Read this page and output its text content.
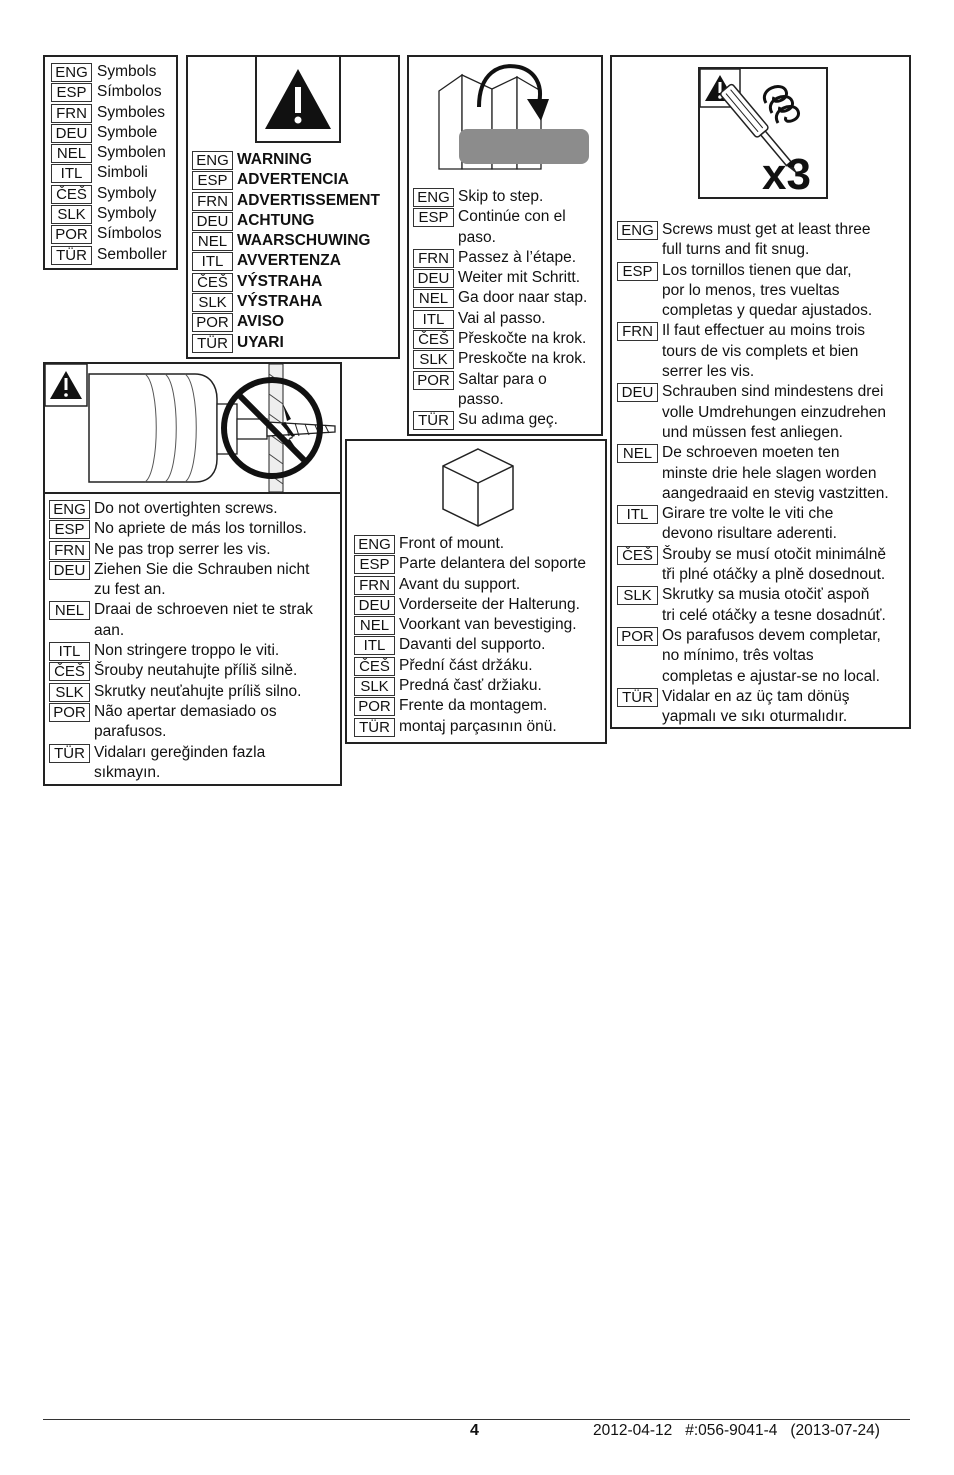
ENG Symbols
ESP Símbolos
FRN Symboles
DEU Symbole
NEL Symbolen
ITL Simboli
ČEŠ Symboly
SLK Symboly
POR Símbolos
TÜR Semboller
ENG WARNING
ESP ADVERTENCIA
FRN ADVERTISSEMENT
DEU ACHTUNG
NEL WAARSCHUWING
ITL AVVERTENZA
ČEŠ VÝSTRAHA
SLK VÝSTRAHA
POR AVISO
TÜR UYARI
ENG Skip to step.
ESP Continúe con el
paso.
FRN Passez à l’étape.
DEU Weiter mit Schritt.
NEL Ga door naar stap.
ITL Vai al passo.
ČEŠ Přeskočte na krok.
SLK Preskočte na krok.
POR Saltar para o
passo.
TÜR Su adıma geç.
x3
ENG Screws must get at least three
full turns and fit snug.
ESP Los tornillos tienen que dar,
por lo menos, tres vueltas
completas y quedar ajustados.
FRN Il faut effectuer au moins trois
tours de vis complets et bien
serrer les vis.
DEU Schrauben sind mindestens drei
volle Umdrehungen einzudrehen
und müssen fest anliegen.
NEL De schroeven moeten ten
minste drie hele slagen worden
aangedraaid en stevig vastzitten.
ITL Girare tre volte le viti che
devono risultare aderenti.
ČEŠ Šrouby se musí otočit minimálně
tři plné otáčky a plně dosednout.
SLK Skrutky sa musia otočiť aspoň
tri celé otáčky a tesne dosadnúť.
POR Os parafusos devem completar,
no mínimo, três voltas
completas e ajustar-se no local.
TÜR Vidalar en az üç tam dönüş
yapmalı ve sıkı oturmalıdır.
ENG Do not overtighten screws.
ESP No apriete de más los tornillos.
FRN Ne pas trop serrer les vis.
DEU Ziehen Sie die Schrauben nicht
zu fest an.
NEL Draai de schroeven niet te strak
aan.
ITL Non stringere troppo le viti.
ČEŠ Šrouby neutahujte příliš silně.
SLK Skrutky neuťahujte príliš silno.
POR Não apertar demasiado os
parafusos.
TÜR Vidaları gereğinden fazla
sıkmayın.
ENG Front of mount.
ESP Parte delantera del soporte
FRN Avant du support.
DEU Vorderseite der Halterung.
NEL Voorkant van bevestiging.
ITL Davanti del supporto.
ČEŠ Přední část držáku.
SLK Predná časť držiaku.
POR Frente da montagem.
TÜR montaj parçasının önü.
4	2012-04-12   #:056-9041-4   (2013-07-24)
